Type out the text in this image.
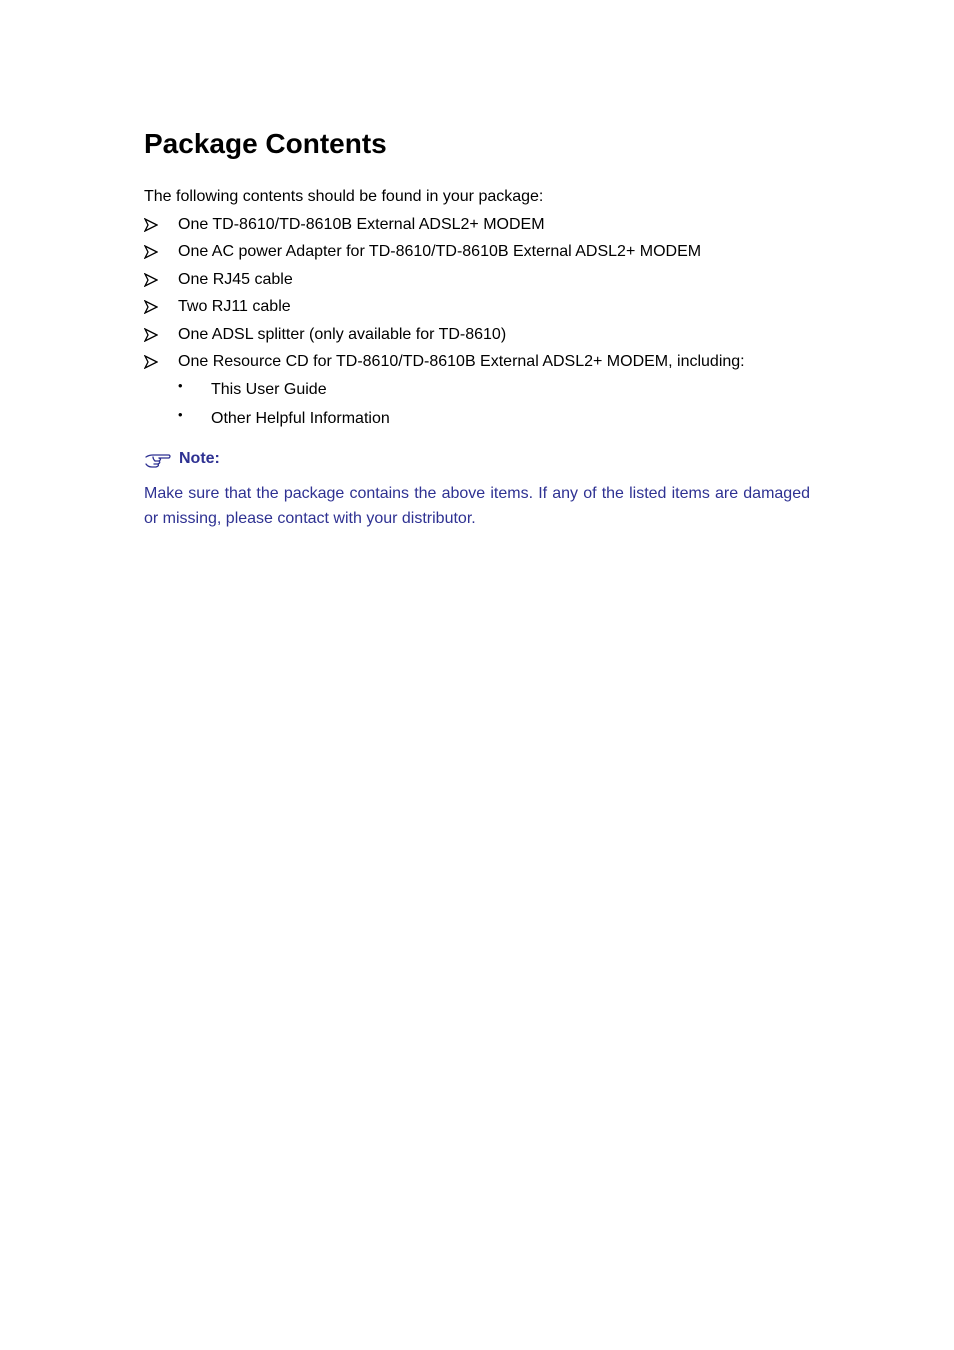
Package Contents

The following contents should be found in your package:

One TD-8610/TD-8610B External ADSL2+ MODEM
One AC power Adapter for TD-8610/TD-8610B External ADSL2+ MODEM
One RJ45 cable
Two RJ11 cable
One ADSL splitter (only available for TD-8610)
One Resource CD for TD-8610/TD-8610B External ADSL2+ MODEM, including:
• This User Guide
• Other Helpful Information
Note:

Make sure that the package contains the above items. If any of the listed items are damaged or missing, please contact with your distributor.
